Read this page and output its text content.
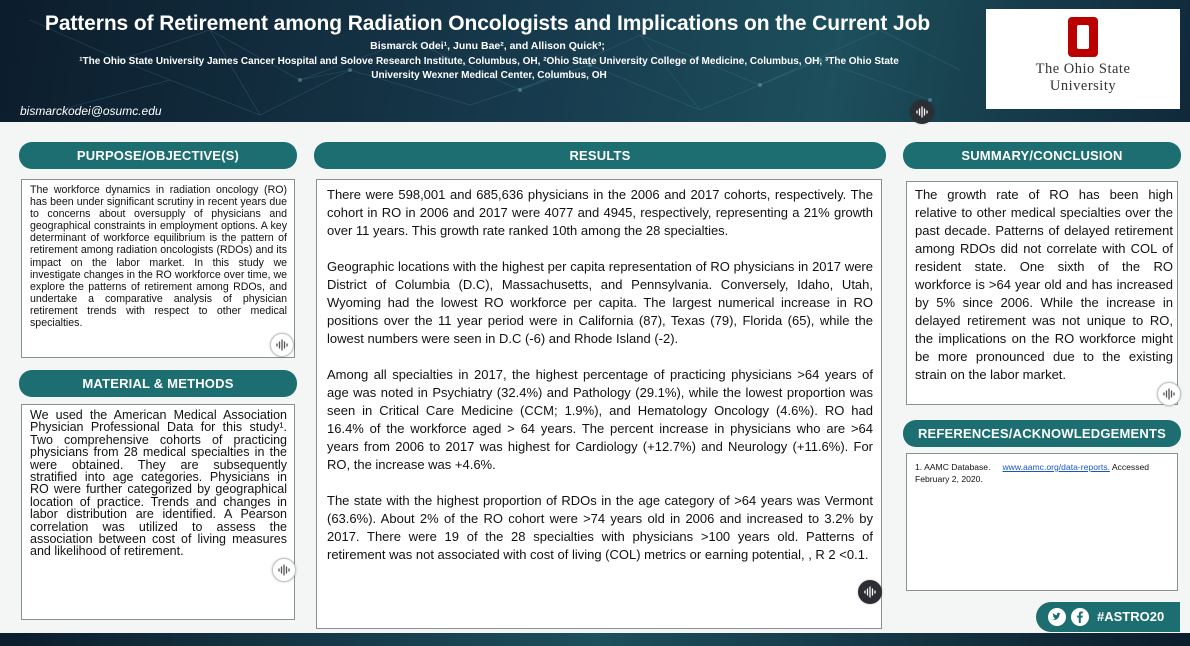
Patterns of Retirement among Radiation Oncologists and Implications on the Current Job
Bismarck Odei¹, Junu Bae², and Allison Quick³;
¹The Ohio State University James Cancer Hospital and Solove Research Institute, Columbus, OH, ²Ohio State University College of Medicine, Columbus, OH, ³The Ohio State
University Wexner Medical Center, Columbus, OH
bismarckodei@osumc.edu
The Ohio State
University
PURPOSE/OBJECTIVE(S)
The workforce dynamics in radiation oncology (RO) has been under significant scrutiny in recent years due to concerns about oversupply of physicians and geographical constraints in employment options. A key determinant of workforce equilibrium is the pattern of retirement among radiation oncologists (RDOs) and its impact on the labor market. In this study we investigate changes in the RO workforce over time, we explore the patterns of retirement among RDOs, and undertake a comparative analysis of physician retirement trends with respect to other medical specialties.
MATERIAL & METHODS
We used the American Medical Association Physician Professional Data for this study¹. Two comprehensive cohorts of practicing physicians from 28 medical specialties in the were obtained. They are subsequently stratified into age categories. Physicians in RO were further categorized by geographical location of practice. Trends and changes in labor distribution are identified. A Pearson correlation was utilized to assess the association between cost of living measures and likelihood of retirement.
RESULTS

There were 598,001 and 685,636 physicians in the 2006 and 2017 cohorts, respectively. The cohort in RO in 2006 and 2017 were 4077 and 4945, respectively, representing a 21% growth over 11 years. This growth rate ranked 10th among the 28 specialties.

Geographic locations with the highest per capita representation of RO physicians in 2017 were District of Columbia (D.C), Massachusetts, and Pennsylvania. Conversely, Idaho, Utah, Wyoming had the lowest RO workforce per capita. The largest numerical increase in RO positions over the 11 year period were in California (87), Texas (79), Florida (65), while the lowest numbers were seen in D.C (-6) and Rhode Island (-2).

Among all specialties in 2017, the highest percentage of practicing physicians >64 years of age was noted in Psychiatry (32.4%) and Pathology (29.1%), while the lowest proportion was seen in Critical Care Medicine (CCM; 1.9%), and Hematology Oncology (4.6%). RO had 16.4% of the workforce aged > 64 years. The percent increase in physicians who are >64 years from 2006 to 2017 was highest for Cardiology (+12.7%) and Neurology (+11.6%). For RO, the increase was +4.6%.

The state with the highest proportion of RDOs in the age category of >64 years was Vermont (63.6%). About 2% of the RO cohort were >74 years old in 2006 and increased to 3.2% by 2017. There were 19 of the 28 specialties with physicians >100 years old. Patterns of retirement was not associated with cost of living (COL) metrics or earning potential, , R 2 <0.1.

SUMMARY/CONCLUSION
The growth rate of RO has been high relative to other medical specialties over the past decade. Patterns of delayed retirement among RDOs did not correlate with COL of resident state. One sixth of the RO workforce is >64 year old and has increased by 5% since 2006. While the increase in delayed retirement was not unique to RO, the implications on the RO workforce might be more pronounced due to the existing strain on the labor market.
REFERENCES/ACKNOWLEDGEMENTS
1. AAMC Database. www.aamc.org/data-reports. Accessed February 2, 2020.
#ASTRO20
